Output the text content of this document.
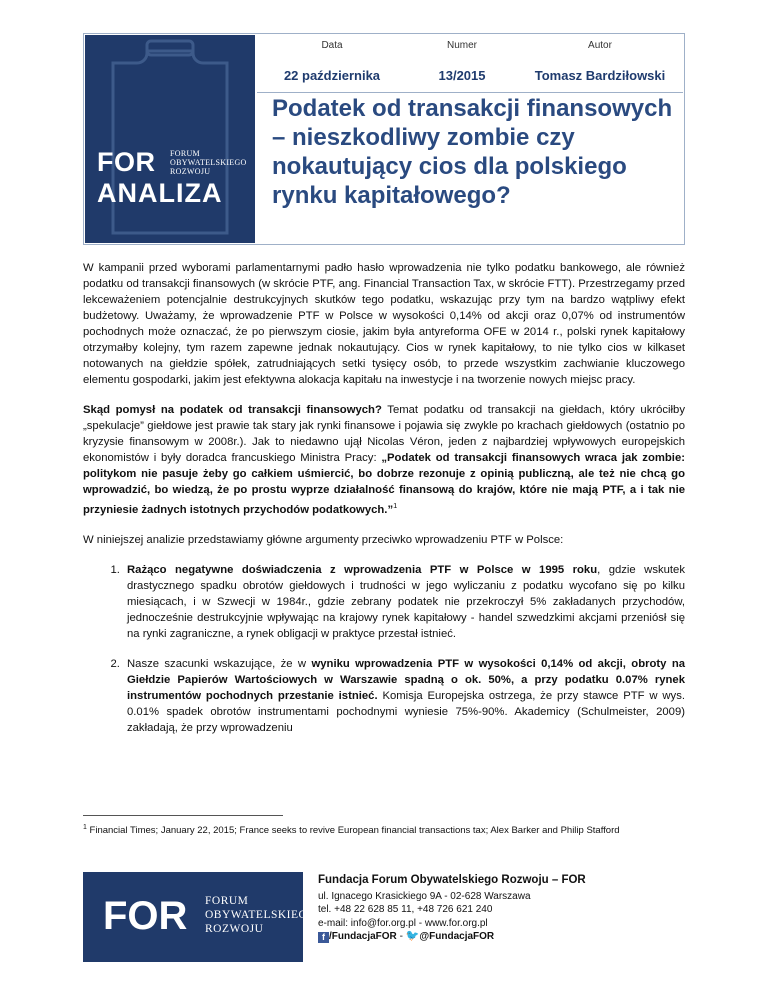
FOR FORUM
OBYWATELSKIEGO
ROZWOJU
ANALIZA
Data	Numer	Autor
22 października	13/2015	Tomasz Bardziłowski
Podatek od transakcji finansowych – nieszkodliwy zombie czy nokautujący cios dla polskiego rynku kapitałowego?

W kampanii przed wyborami parlamentarnymi padło hasło wprowadzenia nie tylko podatku bankowego, ale również podatku od transakcji finansowych (w skrócie PTF, ang. Financial Transaction Tax, w skrócie FTT). Przestrzegamy przed lekceważeniem potencjalnie destrukcyjnych skutków tego podatku, wskazując przy tym na bardzo wątpliwy efekt budżetowy. Uważamy, że wprowadzenie PTF w Polsce w wysokości 0,14% od akcji oraz 0,07% od instrumentów pochodnych może oznaczać, że po pierwszym ciosie, jakim była antyreforma OFE w 2014 r., polski rynek kapitałowy otrzymałby kolejny, tym razem zapewne jednak nokautujący. Cios w rynek kapitałowy, to nie tylko cios w kilkaset notowanych na giełdzie spółek, zatrudniających setki tysięcy osób, to przede wszystkim zachwianie kluczowego elementu gospodarki, jakim jest efektywna alokacja kapitału na inwestycje i na tworzenie nowych miejsc pracy.

Skąd pomysł na podatek od transakcji finansowych? Temat podatku od transakcji na giełdach, który ukróciłby „spekulacje” giełdowe jest prawie tak stary jak rynki finansowe i pojawia się zwykle po krachach giełdowych (ostatnio po kryzysie finansowym w 2008r.). Jak to niedawno ujął Nicolas Véron, jeden z najbardziej wpływowych europejskich ekonomistów i były doradca francuskiego Ministra Pracy: „Podatek od transakcji finansowych wraca jak zombie: politykom nie pasuje żeby go całkiem uśmiercić, bo dobrze rezonuje z opinią publiczną, ale też nie chcą go wprowadzić, bo wiedzą, że po prostu wyprze działalność finansową do krajów, które nie mają PTF, a i tak nie przyniesie żadnych istotnych przychodów podatkowych.”$^1$

W niniejszej analizie przedstawiamy główne argumenty przeciwko wprowadzeniu PTF w Polsce:

1. Rażąco negatywne doświadczenia z wprowadzenia PTF w Polsce w 1995 roku, gdzie wskutek drastycznego spadku obrotów giełdowych i trudności w jego wyliczaniu z podatku wycofano się po kilku miesiącach, i w Szwecji w 1984r., gdzie zebrany podatek nie przekroczył 5% zakładanych przychodów, jednocześnie destrukcyjnie wpływając na krajowy rynek kapitałowy - handel szwedzkimi akcjami przeniósł się na rynki zagraniczne, a rynek obligacji w praktyce przestał istnieć.
2. Nasze szacunki wskazujące, że w wyniku wprowadzenia PTF w wysokości 0,14% od akcji, obroty na Giełdzie Papierów Wartościowych w Warszawie spadną o ok. 50%, a przy podatku 0.07% rynek instrumentów pochodnych przestanie istnieć. Komisja Europejska ostrzega, że przy stawce PTF w wys. 0.01% spadek obrotów instrumentami pochodnymi wyniesie 75%-90%. Akademicy (Schulmeister, 2009) zakładają, że przy wprowadzeniu
$^1$ Financial Times; January 22, 2015; France seeks to revive European financial transactions tax; Alex Barker and Philip Stafford
FOR FORUM
OBYWATELSKIEGO
ROZWOJU
Fundacja Forum Obywatelskiego Rozwoju – FOR
ul. Ignacego Krasickiego 9A - 02-628 Warszawa
tel. +48 22 628 85 11, +48 726 621 240
e-mail: info@for.org.pl - www.for.org.pl
f /FundacjaFOR - 🐦@FundacjaFOR
